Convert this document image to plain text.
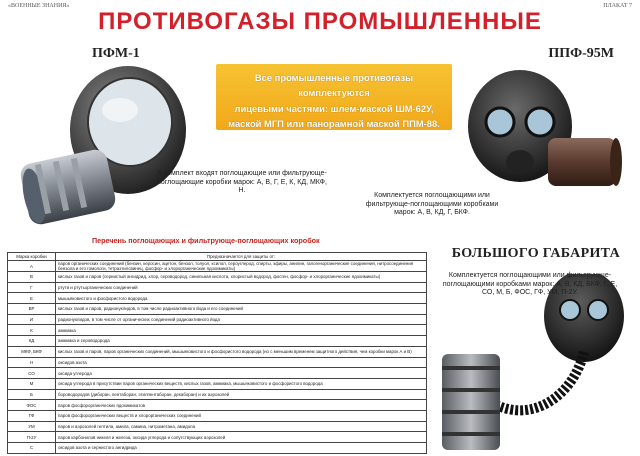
«ВОЕННЫЕ ЗНАНИЯ»	ПЛАКАТ 7
ПРОТИВОГАЗЫ ПРОМЫШЛЕННЫЕ
ПФМ-1	ППФ-95М
БОЛЬШОГО ГАБАРИТА
Все промышленные противогазы комплектуются
лицевыми частями: шлем-маской ШМ-62У,
маской МГП или панорамной маской ППМ-88.
В комплект входят поглощающие или фильтрующе-поглощающие коробки марок: А, В, Г, Е, К, КД, МКФ, Н.
Комплектуется поглощающими или фильтрующе-поглощающими коробками марок: А, В, КД, Г, БКФ.
Комплектуется поглощающими или фильтрующе-поглощающими коробками марок: А, В, КД, БКФ, Г, Е, СО, М, Б, ФОС, ГФ, УМ, П-2У.
Перечень поглощающих и фильтрующе-поглощающих коробок
Марка коробки	Предназначается для защиты от:
А	паров органических соединений (бензин, керосин, ацетон, бензол, толуол, ксилол, сероуглерод, спирты, эфиры, анилин, галогенорганические соединения, нитросоединения бензола и его гомологи, тетраэтилсвинец, фосфор- и хлорорганические ядохимикаты)
В	кислых газов и паров (сернистый ангидрид, хлор, сероводород, синильная кислота, хлористый водород, фосген, фосфор- и хлорорганические ядохимикаты)
Г	ртути и ртутьорганических соединений
Е	мышьяковистого и фосфористого водорода
ВР	кислых газов и паров, радионуклидов, в том числе радиоактивного йода и его соединений
И	радионуклидов, в том числе от органических соединений радиоактивного йода
К	аммиака
КД	аммиака и сероводорода
МКФ, БКФ	кислых газов и паров, паров органических соединений, мышьяковистого и фосфористого водорода (но с меньшим временем защитного действия, чем коробки марок А и В)
Н	оксидов азота
СО	оксида углерода
М	оксида углерода в присутствии паров органических веществ, кислых газов, аммиака, мышьяковистого и фосфористого водорода
Б	бороводородов (диборан, пентаборан, этилпентаборан, декаборан) и их аэрозолей
ФОС	паров фосфорорганических ядохимикатов
ГФ	паров фосфорорганических веществ и хлорорганических соединений
УМ	паров и аэрозолей гептила, амила, самина, нитрометана, амидола
П-2У	паров карбонилов никеля и железа, оксида углерода и сопутствующих аэрозолей
С	оксидов азота и сернистого ангидрида
